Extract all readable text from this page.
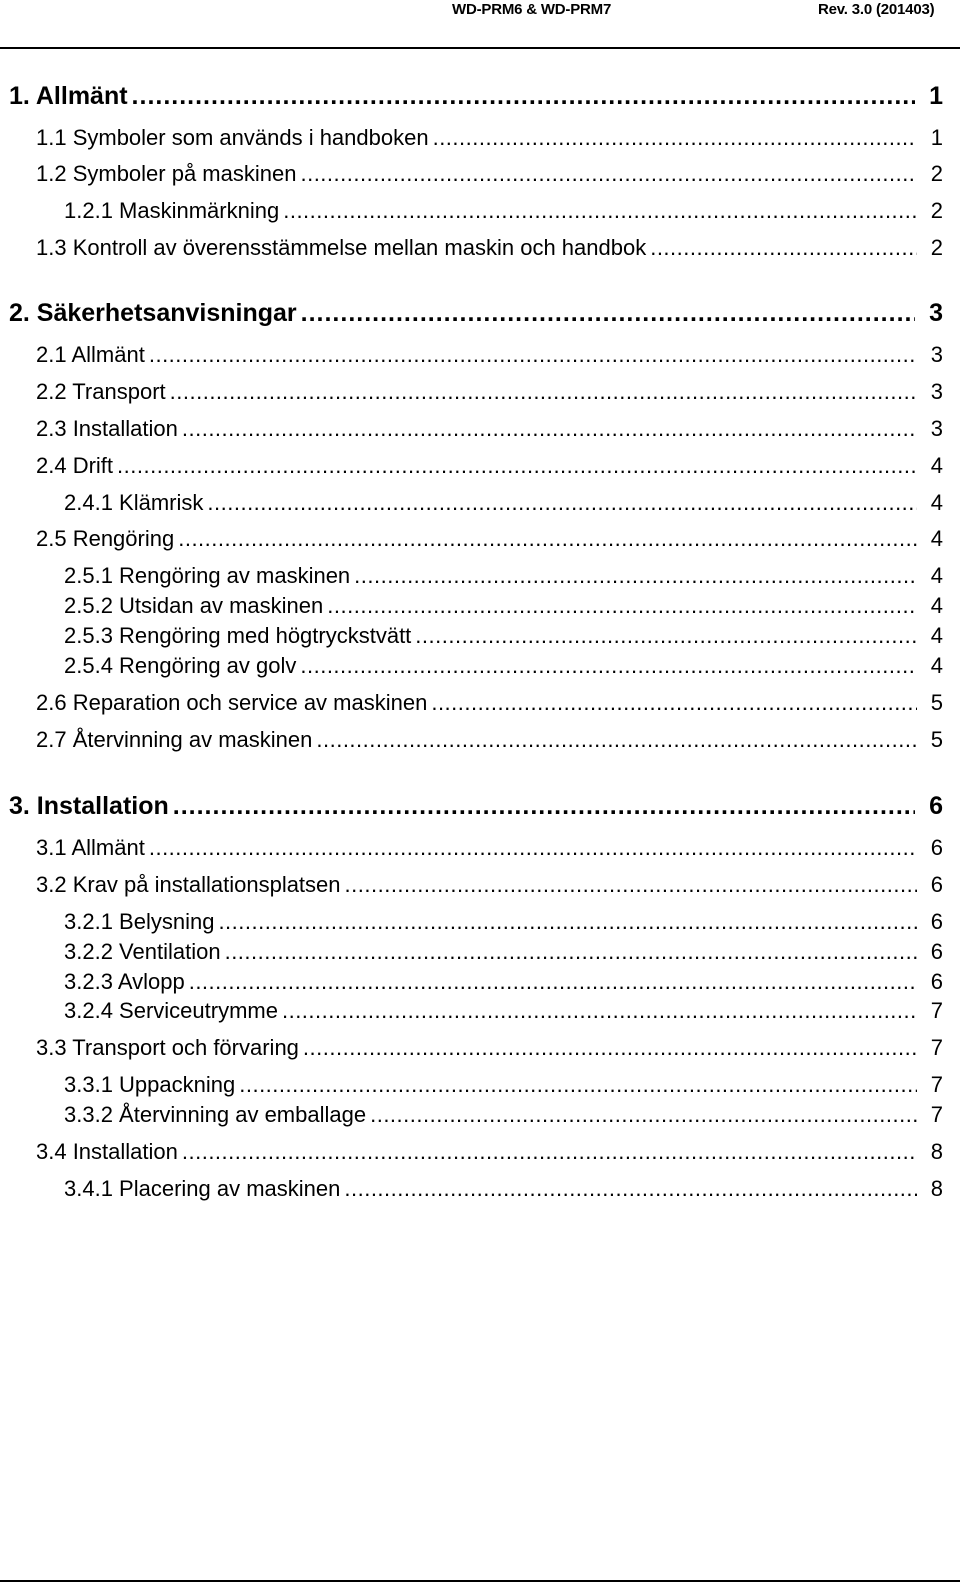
WD-PRM6 & WD-PRM7	Rev. 3.0 (201403)
1. Allmänt .....	1
1.1 Symboler som används i handboken .....	1
1.2 Symboler på maskinen .....	2
1.2.1 Maskinmärkning .....	2
1.3 Kontroll av överensstämmelse mellan maskin och handbok .....	2
2. Säkerhetsanvisningar .....	3
2.1 Allmänt .....	3
2.2 Transport .....	3
2.3 Installation .....	3
2.4 Drift .....	4
2.4.1 Klämrisk .....	4
2.5 Rengöring .....	4
2.5.1 Rengöring av maskinen .....	4
2.5.2 Utsidan av maskinen .....	4
2.5.3 Rengöring med högtryckstvätt .....	4
2.5.4 Rengöring av golv .....	4
2.6 Reparation och service av maskinen .....	5
2.7 Återvinning av maskinen .....	5
3. Installation .....	6
3.1 Allmänt .....	6
3.2 Krav på installationsplatsen .....	6
3.2.1 Belysning .....	6
3.2.2 Ventilation .....	6
3.2.3 Avlopp .....	6
3.2.4 Serviceutrymme .....	7
3.3 Transport och förvaring .....	7
3.3.1 Uppackning .....	7
3.3.2 Återvinning av emballage .....	7
3.4 Installation .....	8
3.4.1 Placering av maskinen .....	8
